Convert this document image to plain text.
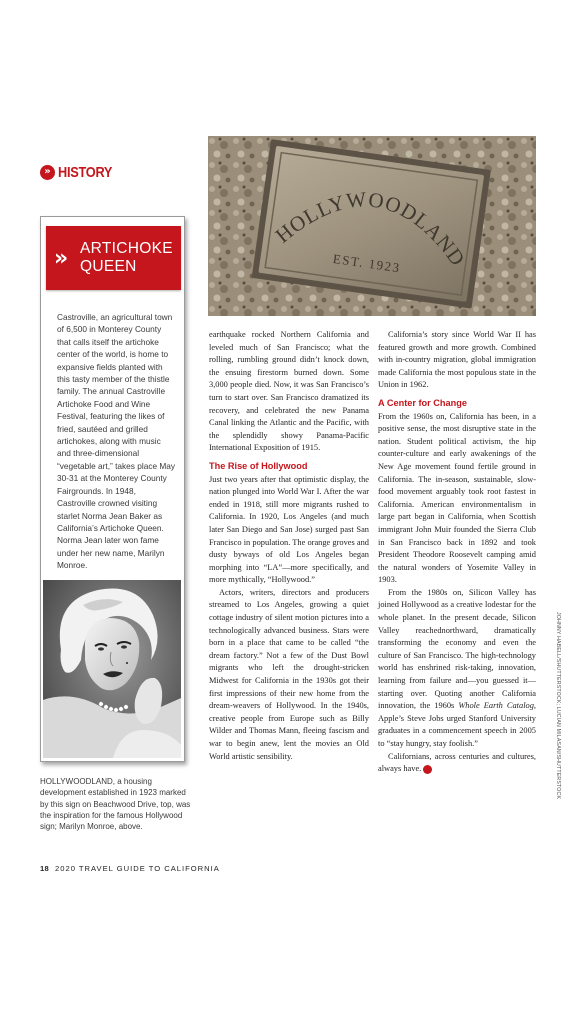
» HISTORY
» ARTICHOKE
QUEEN
Castroville, an agricultural town of 6,500 in Monterey County that calls itself the artichoke center of the world, is home to expansive fields planted with this tasty member of the thistle family. The annual Castroville Artichoke Food and Wine Festival, featuring the likes of fried, sautéed and grilled artichokes, along with music and three-dimensional “vegetable art,” takes place May 30-31 at the Monterey County Fairgrounds. In 1948, Castroville crowned visiting starlet Norma Jean Baker as California’s Artichoke Queen. Norma Jean later won fame under her new name, Marilyn Monroe.
HOLLYWOODLAND, a housing development established in 1923 marked by this sign on Beachwood Drive, top, was the inspiration for the famous Hollywood sign; Marilyn Monroe, above.
HOLLYWOODLAND
EST. 1923

earthquake rocked Northern California and leveled much of San Francisco; what the rolling, rumbling ground didn’t knock down, the ensuing firestorm burned down. Some 3,000 people died. Now, it was San Francisco’s turn to start over. San Francisco dramatized its recovery, and celebrated the new Panama Canal linking the Atlantic and the Pacific, with the splendidly showy Panama-Pacific International Exposition of 1915.

The Rise of Hollywood

Just two years after that optimistic display, the nation plunged into World War I. After the war ended in 1918, still more migrants rushed to California. In 1920, Los Angeles (and much later San Diego and San Jose) surged past San Francisco in population. The orange groves and dusty byways of old Los Angeles began morphing into “LA”—more specifically, and more mythically, “Hollywood.”

Actors, writers, directors and producers streamed to Los Angeles, growing a quiet cottage industry of silent motion pictures into a technologically advanced business. Stars were born in a place that came to be called “the dream factory.” Not a few of the Dust Bowl migrants who left the drought-stricken Midwest for California in the 1930s got their first impressions of their new home from the dream-weavers of Hollywood. In the 1940s, creative people from Europe such as Billy Wilder and Thomas Mann, fleeing fascism and war to begin anew, lent the movies an Old World artistic sensibility.

California’s story since World War II has featured growth and more growth. Combined with in-country migration, global immigration made California the most populous state in the Union in 1962.

A Center for Change

From the 1960s on, California has been, in a positive sense, the most disruptive state in the nation. Student political activism, the hip counter-culture and early awakenings of the New Age movement found fertile ground in California. The in-season, sustainable, slow-food movement arguably took root fastest in California. American environmentalism in large part began in California, when Scottish immigrant John Muir founded the Sierra Club in San Francisco back in 1892 and took President Theodore Roosevelt camping amid the natural wonders of Yosemite Valley in 1903.

From the 1980s on, Silicon Valley has joined Hollywood as a creative lodestar for the whole planet. In the present decade, Silicon Valley reachednorthward, dramatically transforming the economy and even the culture of San Francisco. The high-technology world has enshrined risk-taking, innovation, learning from failure and—you guessed it—starting over. Quoting another California innovation, the 1960s Whole Earth Catalog, Apple’s Steve Jobs urged Stanford University graduates in a commencement speech in 2005 to “stay hungry, stay foolish.”

Californians, across centuries and cultures, always have. CA	JOHNNY HABELL/SHUTTERSTOCK; LUCIAN MILASAN/SHUTTERSTOCK
18 2020 TRAVEL GUIDE TO CALIFORNIA
